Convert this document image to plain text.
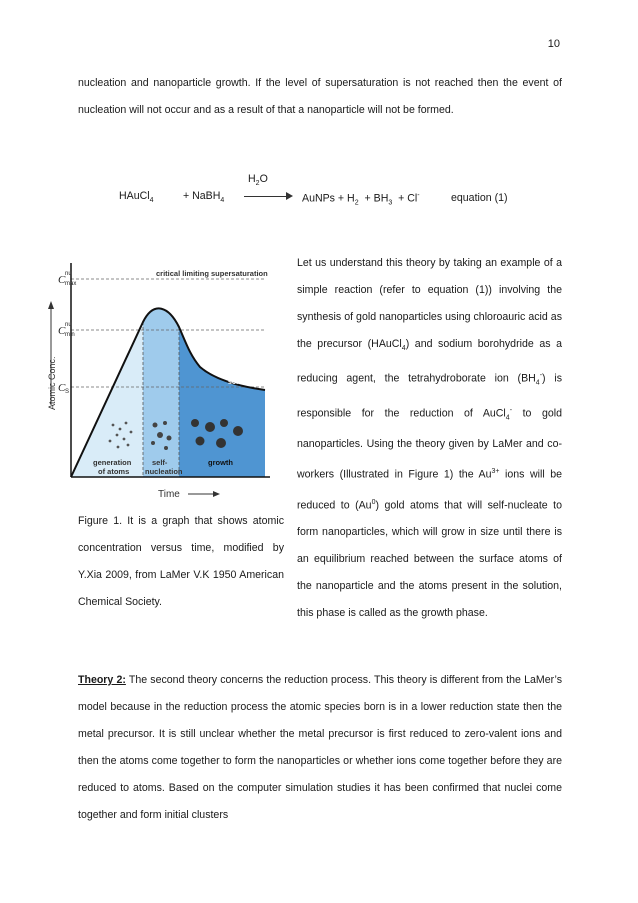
10

nucleation and nanoparticle growth. If the level of supersaturation is not reached then the event of nucleation will not occur and as a result of that a nanoparticle will not be formed.

HAuCl$_4$	+ NaBH$_4$
$H_2O$
AuNPs + $H_2 + BH_3 + Cl^-$	equation (1)
Atomic Conc.
Time
C nu
max
C nu
min
C S
critical limiting supersaturation
solubility
generation
of atoms
self-
nucleation
growth

Figure 1. It is a graph that shows atomic concentration versus time, modified by Y.Xia 2009, from LaMer V.K 1950 American Chemical Society.

Let us understand this theory by taking an example of a simple reaction (refer to equation (1)) involving the synthesis of gold nanoparticles using chloroauric acid as the precursor (HAuCl$_4$) and sodium borohydride as a reducing agent, the tetrahydroborate ion $(BH_4^-)$ is responsible for the reduction of AuCl$_4$- to gold nanoparticles. Using the theory given by LaMer and co-workers (Illustrated in Figure 1) the $Au^{3+}$ ions will be reduced to (Au$^0$) gold atoms that will self-nucleate to form nanoparticles, which will grow in size until there is an equilibrium reached between the surface atoms of the nanoparticle and the atoms present in the solution, this phase is called as the growth phase.

Theory 2: The second theory concerns the reduction process. This theory is different from the LaMer’s model because in the reduction process the atomic species born is in a lower reduction state then the metal precursor. It is still unclear whether the metal precursor is first reduced to zero-valent ions and then the atoms come together to form the nanoparticles or whether ions come together before they are reduced to atoms. Based on the computer simulation studies it has been confirmed that nuclei come together and form initial clusters
